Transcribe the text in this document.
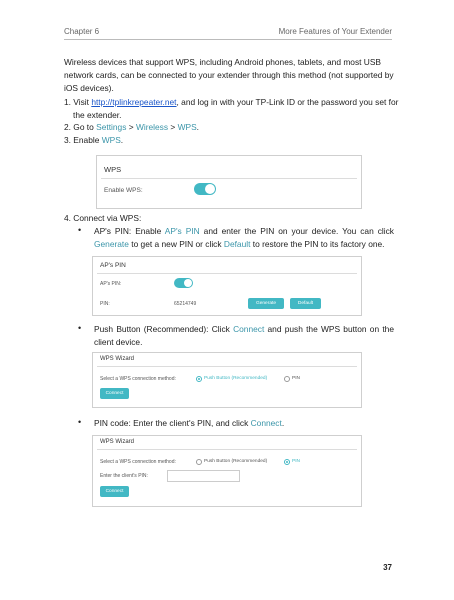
Chapter 6	More Features of Your Extender
Wireless devices that support WPS, including Android phones, tablets, and most USB network cards, can be connected to your extender through this method (not supported by iOS devices).
1. Visit http://tplinkrepeater.net, and log in with your TP-Link ID or the password you set for the extender.
2. Go to Settings > Wireless > WPS.
3. Enable WPS.
WPS
Enable WPS:
4. Connect via WPS:
• AP's PIN: Enable AP's PIN and enter the PIN on your device. You can click Generate to get a new PIN or click Default to restore the PIN to its factory one.
AP's PIN
AP's PIN:
PIN:	65214749	Generate	Default
• Push Button (Recommended): Click Connect and push the WPS button on the client device.
WPS Wizard
Select a WPS connection method:	Push Button (Recommended)	PIN
Connect
• PIN code: Enter the client's PIN, and click Connect.
WPS Wizard
Select a WPS connection method:	Push Button (Recommended)	PIN
Enter the client's PIN:
Connect
37
